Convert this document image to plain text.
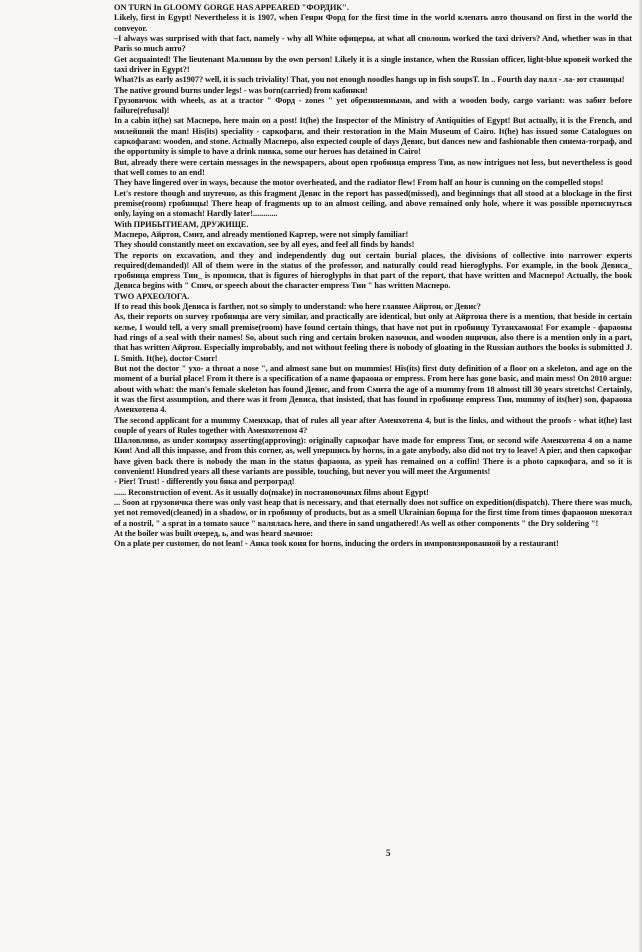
ON TURN In GLOOMY GORGE HAS APPEARED "ФОРДИК".

Likely, first in Egypt! Nevertheless it is 1907, when Генри Форд for the first time in the world клепать авто thousand on first in the world the conveyor.

–I always was surprised with that fact, namely - why all White офицеры, at what all сполошь worked the taxi drivers? And, whether was in that Paris so much авто?

Get acquainted! The lieutenant Малинин by the own person! Likely it is a single instance, when the Russian officer, light-blue кровей worked the taxi driver in Egypt?!

What?Is as early as1907? well, it is such triviality! That, you not enough noodles hangs up in fish soupsT. In .. Fourth day палл - ла- ют станицы!

The native ground burns under legs! - was born(carried) from кабинки!

Грузовичок with wheels, as at a tractor " Форд - zones " yet обрезиненными, and with a wooden body, cargo variant: was забит before failure(refusal)!

In a cabin it(he) sat Масперо, here main on a post! It(he) the Inspector of the Ministry of Antiquities of Egypt! But actually, it is the French, and милейший the man! His(its) speciality - саркофаги, and their restoration in the Main Museum of Cairo. It(he) has issued some Catalogues on саркофагам: wooden, and stone. Actually Масперо, also expected couple of days Девис, but dances new and fashionable then синема-тограф, and the opportunity is simple to have a drink пивка, some our heroes has detained in Cairo!

But, already there were certain messages in the newspapers, about open гробница empress Тии, as now intrigues not less, but nevertheless is good that well comes to an end!

They have lingered over in ways, because the motor overheated, and the radiator flew! From half an hour is cunning on the compelled stops!

Let's restore though and шутечно, as this fragment Девис in the report has passed(missed), and beginnings that all stood at a blockage in the first premise(room) гробницы! There heap of fragments up to an almost ceiling, and above remained only hole, where it was possible протиснуться only, laying on a stomach! Hardly later!............

With ПРИБЫТИЕАМ, ДРУЖИЩЕ.

Масперо, Айртон, Смит, and already mentioned Картер, were not simply familiar!

They should constantly meet on excavation, see by all eyes, and feel all finds by hands!

The reports on excavation, and they and independently dug out certain burial places, the divisions of collective into narrower experts required(demanded)! All of them were in the status of the professor, and naturally could read hieroglyphs. For example, in the book Девиса_ гробница empress Тии_ is прописи, that is figures of hieroglyphs in that part of the report, that have written and Масперо! Actually, the book Девиса begins with " Спич, or speech about the character empress Тии " has written Масперо.

TWO АРХЕОЛОГА.

If to read this book Девиса is farther, not so simply to understand: who here главнее Айртон, or Девис?

As, their reports on survey гробницы are very similar, and practically are identical, but only at Айртона there is a mention, that beside in certain келье, I would tell, a very small premise(room) have found certain things, that have not put in гробницу Тутанхамона! For example - фараоны had rings of a seal with their names! So, about such ring and certain broken вазочки, and wooden ящички, also there is a mention only in a part, that has written Айртон. Especially improbably, and not without feeling there is nobody of gloating in the Russian authors the books is submitted J. L Smith. It(he), doctor Смит!

But not the doctor " ухо- a throat a nose ", and almost sane but on mummies! His(its) first duty definition of a floor on a skeleton, and age on the moment of a burial place! From it there is a specification of a name фараона or empress. From here has gone basic, and main mess! On 2010 argue: about with what: the man's female skeleton has found Девис, and from Смита the age of a mummy from 18 almost till 30 years stretchs! Certainly, it was the first assumption, and there was it from Девиса, that insisted, that has found in гробнице empress Тии, mummy of its(her) son, фараона Аменхотепа 4.

The second applicant for a mummy Сменхкар, that of rules all year after Аменхотепа 4, but is the links, and without the proofs - what it(he) last couple of years of Rules together with Аменхотепом 4?

Шаловливо, as under копирку asserting(approving): originally саркофаг have made for empress Тии, or second wife Аменхотепа 4 on a name Кии! And all this impasse, and from this corner, as, well упершись by horns, in a gate anybody, also did not try to leave! A pier, and then саркофаг have given back there is nobody the man in the status фараона, as урей has remained on a coffin! There is a photo саркофага, and so it is convenient! Hundred years all these variants are possible, touching, but never you will meet the Arguments!

- Pier! Trust! - differently you бяка and ретроград!

...... Reconstruction of event. As it usually do(make) in постановочных films about Egypt!

... Soon at грузовичка there was only vast heap that is necessary, and that eternally does not suffice on expedition(dispatch). There there was much, yet not removed(cleaned) in a shadow, or in гробницу of products, but as a smell Ukrainian борща for the first time from times фараонов шекотал of a nostril, " a sprat in a tomato sauce " валялась here, and there in sand ungathered! As well as other components " the Dry soldering "!

At the boiler was built очеред, ь, and was heard зычное:

On a plate per customer, do not lean! - Анка took коня for horns, inducing the orders in импровизированной by a restaurant!

5
